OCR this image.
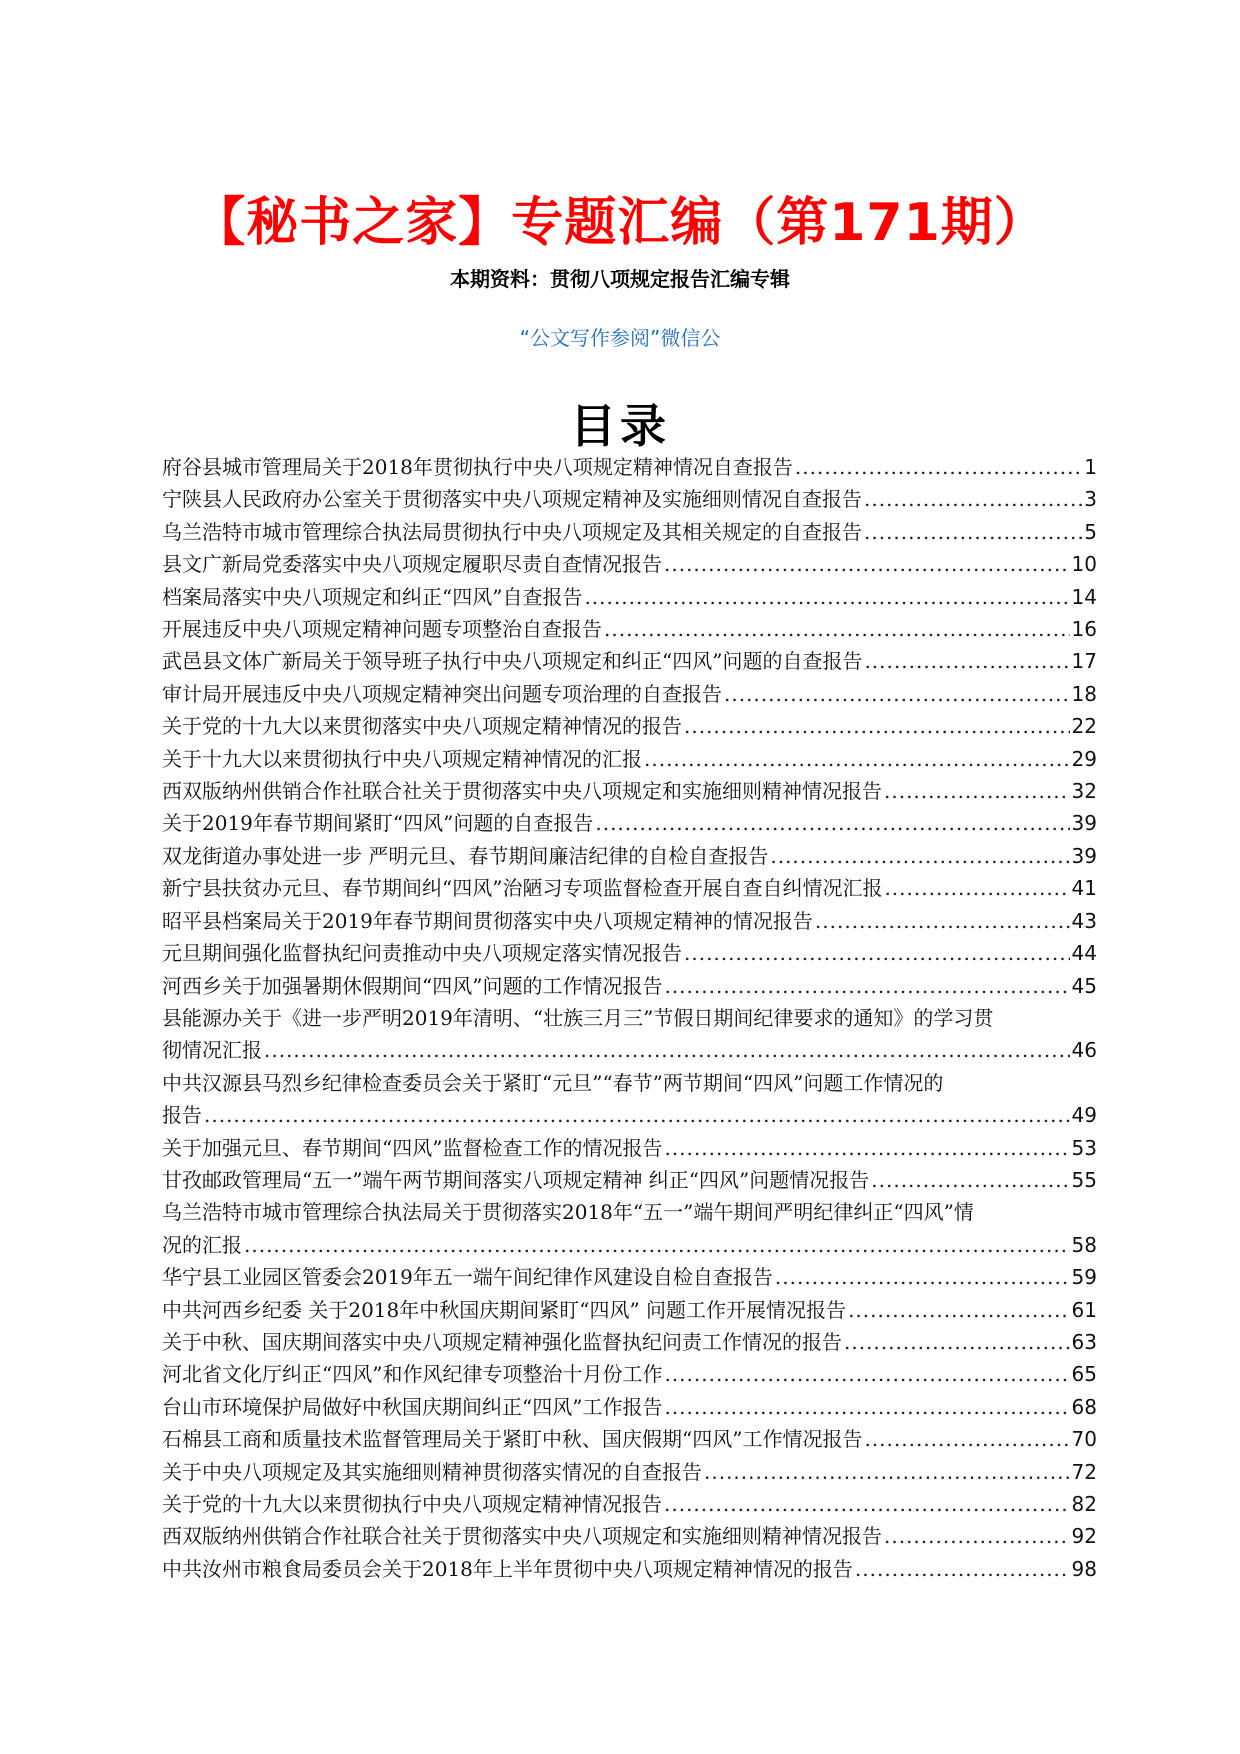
【秘书之家】专题汇编（第171期）
本期资料：贯彻八项规定报告汇编专辑
“公文写作参阅”微信公
目录
府谷县城市管理局关于2018年贯彻执行中央八项规定精神情况自查报告 .....	1
宁陕县人民政府办公室关于贯彻落实中央八项规定精神及实施细则情况自查报告 .....	3
乌兰浩特市城市管理综合执法局贯彻执行中央八项规定及其相关规定的自查报告 .....	5
县文广新局党委落实中央八项规定履职尽责自查情况报告 .....	10
档案局落实中央八项规定和纠正“四风”自查报告 .....	14
开展违反中央八项规定精神问题专项整治自查报告 .....	16
武邑县文体广新局关于领导班子执行中央八项规定和纠正“四风”问题的自查报告 .....	17
审计局开展违反中央八项规定精神突出问题专项治理的自查报告 .....	18
关于党的十九大以来贯彻落实中央八项规定精神情况的报告 .....	22
关于十九大以来贯彻执行中央八项规定精神情况的汇报 .....	29
西双版纳州供销合作社联合社关于贯彻落实中央八项规定和实施细则精神情况报告 .....	32
关于2019年春节期间紧盯“四风”问题的自查报告 .....	39
双龙街道办事处进一步 严明元旦、春节期间廉洁纪律的自检自查报告 .....	39
新宁县扶贫办元旦、春节期间纠“四风”治陋习专项监督检查开展自查自纠情况汇报 .....	41
昭平县档案局关于2019年春节期间贯彻落实中央八项规定精神的情况报告 .....	43
元旦期间强化监督执纪问责推动中央八项规定落实情况报告 .....	44
河西乡关于加强暑期休假期间“四风”问题的工作情况报告 .....	45
县能源办关于《进一步严明2019年清明、“壮族三月三”节假日期间纪律要求的通知》的学习贯
彻情况汇报 .....	46
中共汉源县马烈乡纪律检查委员会关于紧盯“元旦”“春节”两节期间“四风”问题工作情况的
报告 .....	49
关于加强元旦、春节期间“四风”监督检查工作的情况报告 .....	53
甘孜邮政管理局“五一”端午两节期间落实八项规定精神 纠正“四风”问题情况报告 .....	55
乌兰浩特市城市管理综合执法局关于贯彻落实2018年“五一”端午期间严明纪律纠正“四风”情
况的汇报 .....	58
华宁县工业园区管委会2019年五一端午间纪律作风建设自检自查报告 .....	59
中共河西乡纪委 关于2018年中秋国庆期间紧盯“四风” 问题工作开展情况报告 .....	61
关于中秋、国庆期间落实中央八项规定精神强化监督执纪问责工作情况的报告 .....	63
河北省文化厅纠正“四风”和作风纪律专项整治十月份工作 .....	65
台山市环境保护局做好中秋国庆期间纠正“四风”工作报告 .....	68
石棉县工商和质量技术监督管理局关于紧盯中秋、国庆假期“四风”工作情况报告 .....	70
关于中央八项规定及其实施细则精神贯彻落实情况的自查报告 .....	72
关于党的十九大以来贯彻执行中央八项规定精神情况报告 .....	82
西双版纳州供销合作社联合社关于贯彻落实中央八项规定和实施细则精神情况报告 .....	92
中共汝州市粮食局委员会关于2018年上半年贯彻中央八项规定精神情况的报告 .....	98
